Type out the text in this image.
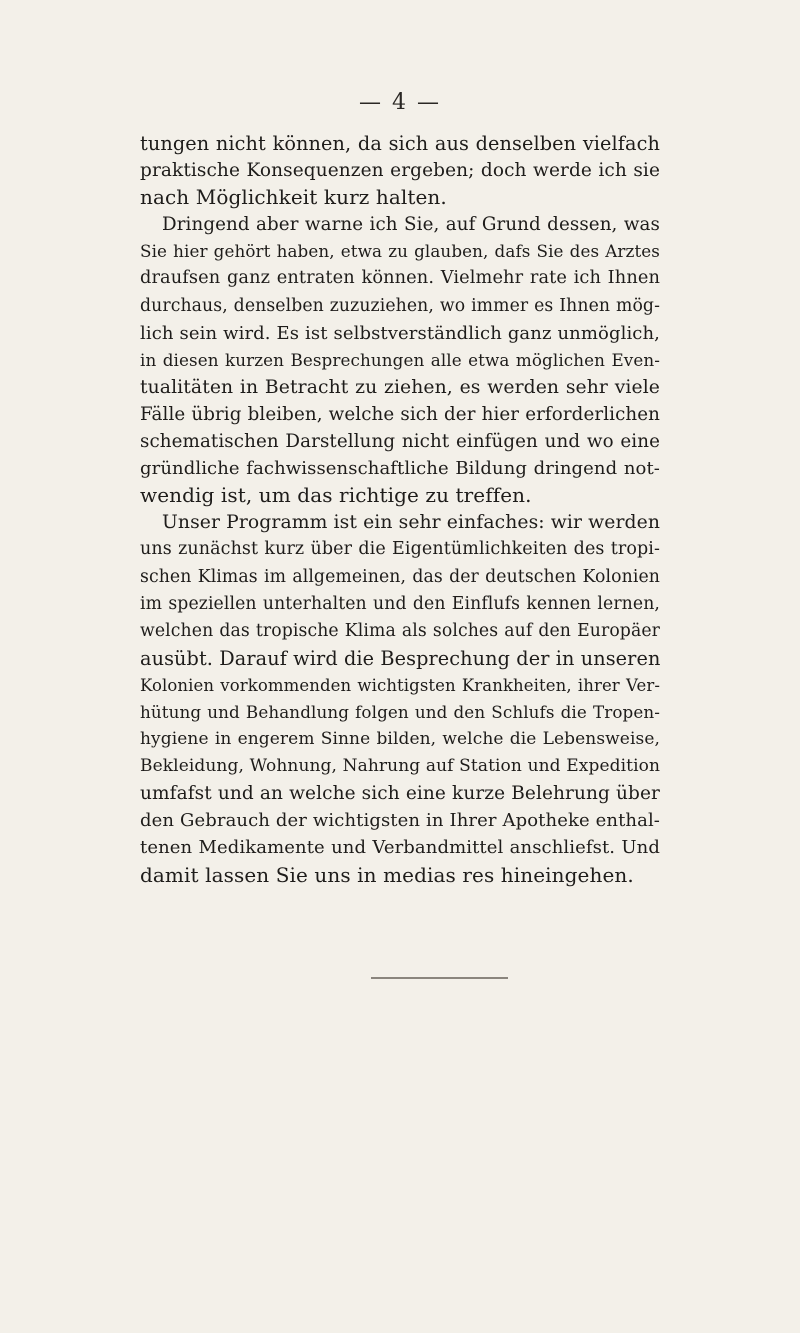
— 4 —
tungen nicht können, da sich aus denselben vielfach
praktische Konsequenzen ergeben; doch werde ich sie
nach Möglichkeit kurz halten.
Dringend aber warne ich Sie, auf Grund dessen, was
Sie hier gehört haben, etwa zu glauben, dafs Sie des Arztes
draufsen ganz entraten können. Vielmehr rate ich Ihnen
durchaus, denselben zuzuziehen, wo immer es Ihnen mög-
lich sein wird. Es ist selbstverständlich ganz unmöglich,
in diesen kurzen Besprechungen alle etwa möglichen Even-
tualitäten in Betracht zu ziehen, es werden sehr viele
Fälle übrig bleiben, welche sich der hier erforderlichen
schematischen Darstellung nicht einfügen und wo eine
gründliche fachwissenschaftliche Bildung dringend not-
wendig ist, um das richtige zu treffen.
Unser Programm ist ein sehr einfaches: wir werden
uns zunächst kurz über die Eigentümlichkeiten des tropi-
schen Klimas im allgemeinen, das der deutschen Kolonien
im speziellen unterhalten und den Einflufs kennen lernen,
welchen das tropische Klima als solches auf den Europäer
ausübt. Darauf wird die Besprechung der in unseren
Kolonien vorkommenden wichtigsten Krankheiten, ihrer Ver-
hütung und Behandlung folgen und den Schlufs die Tropen-
hygiene in engerem Sinne bilden, welche die Lebensweise,
Bekleidung, Wohnung, Nahrung auf Station und Expedition
umfafst und an welche sich eine kurze Belehrung über
den Gebrauch der wichtigsten in Ihrer Apotheke enthal-
tenen Medikamente und Verbandmittel anschliefst. Und
damit lassen Sie uns in medias res hineingehen.
